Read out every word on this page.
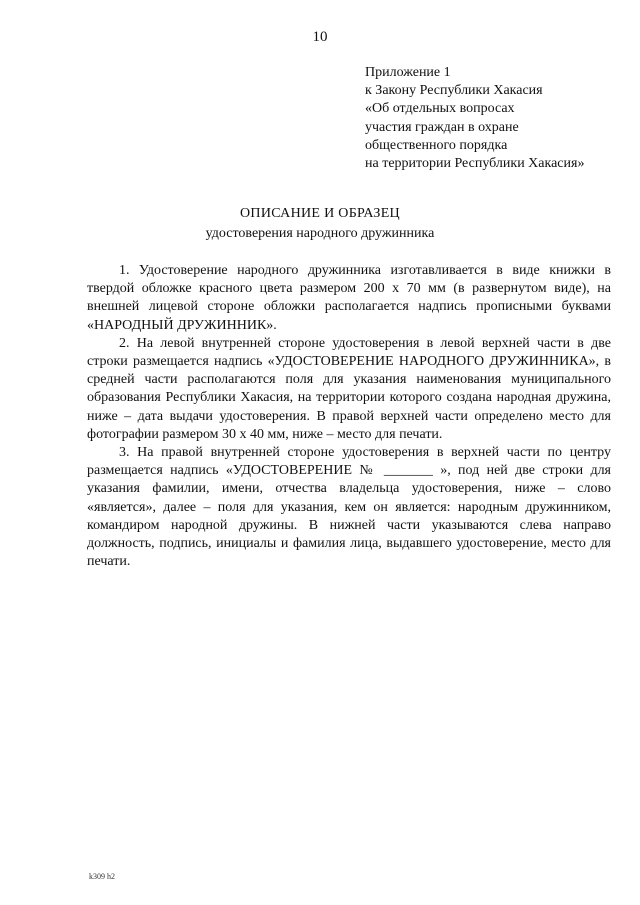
10
Приложение 1
к Закону Республики Хакасия
«Об отдельных вопросах
участия граждан в охране
общественного порядка
на территории Республики Хакасия»
ОПИСАНИЕ И ОБРАЗЕЦ
удостоверения народного дружинника

1. Удостоверение народного дружинника изготавливается в виде книжки в твердой обложке красного цвета размером 200 х 70 мм (в развернутом виде), на внешней лицевой стороне обложки располагается надпись прописными буквами «НАРОДНЫЙ ДРУЖИННИК».

2. На левой внутренней стороне удостоверения в левой верхней части в две строки размещается надпись «УДОСТОВЕРЕНИЕ НАРОДНОГО ДРУЖИННИКА», в средней части располагаются поля для указания наименования муниципального образования Республики Хакасия, на территории которого создана народная дружина, ниже – дата выдачи удостоверения. В правой верхней части определено место для фотографии размером 30 х 40 мм, ниже – место для печати.

3. На правой внутренней стороне удостоверения в верхней части по центру размещается надпись «УДОСТОВЕРЕНИЕ № _______ », под ней две строки для указания фамилии, имени, отчества владельца удостоверения, ниже – слово «является», далее – поля для указания, кем он является: народным дружинником, командиром народной дружины. В нижней части указываются слева направо должность, подпись, инициалы и фамилия лица, выдавшего удостоверение, место для печати.

k309 h2
